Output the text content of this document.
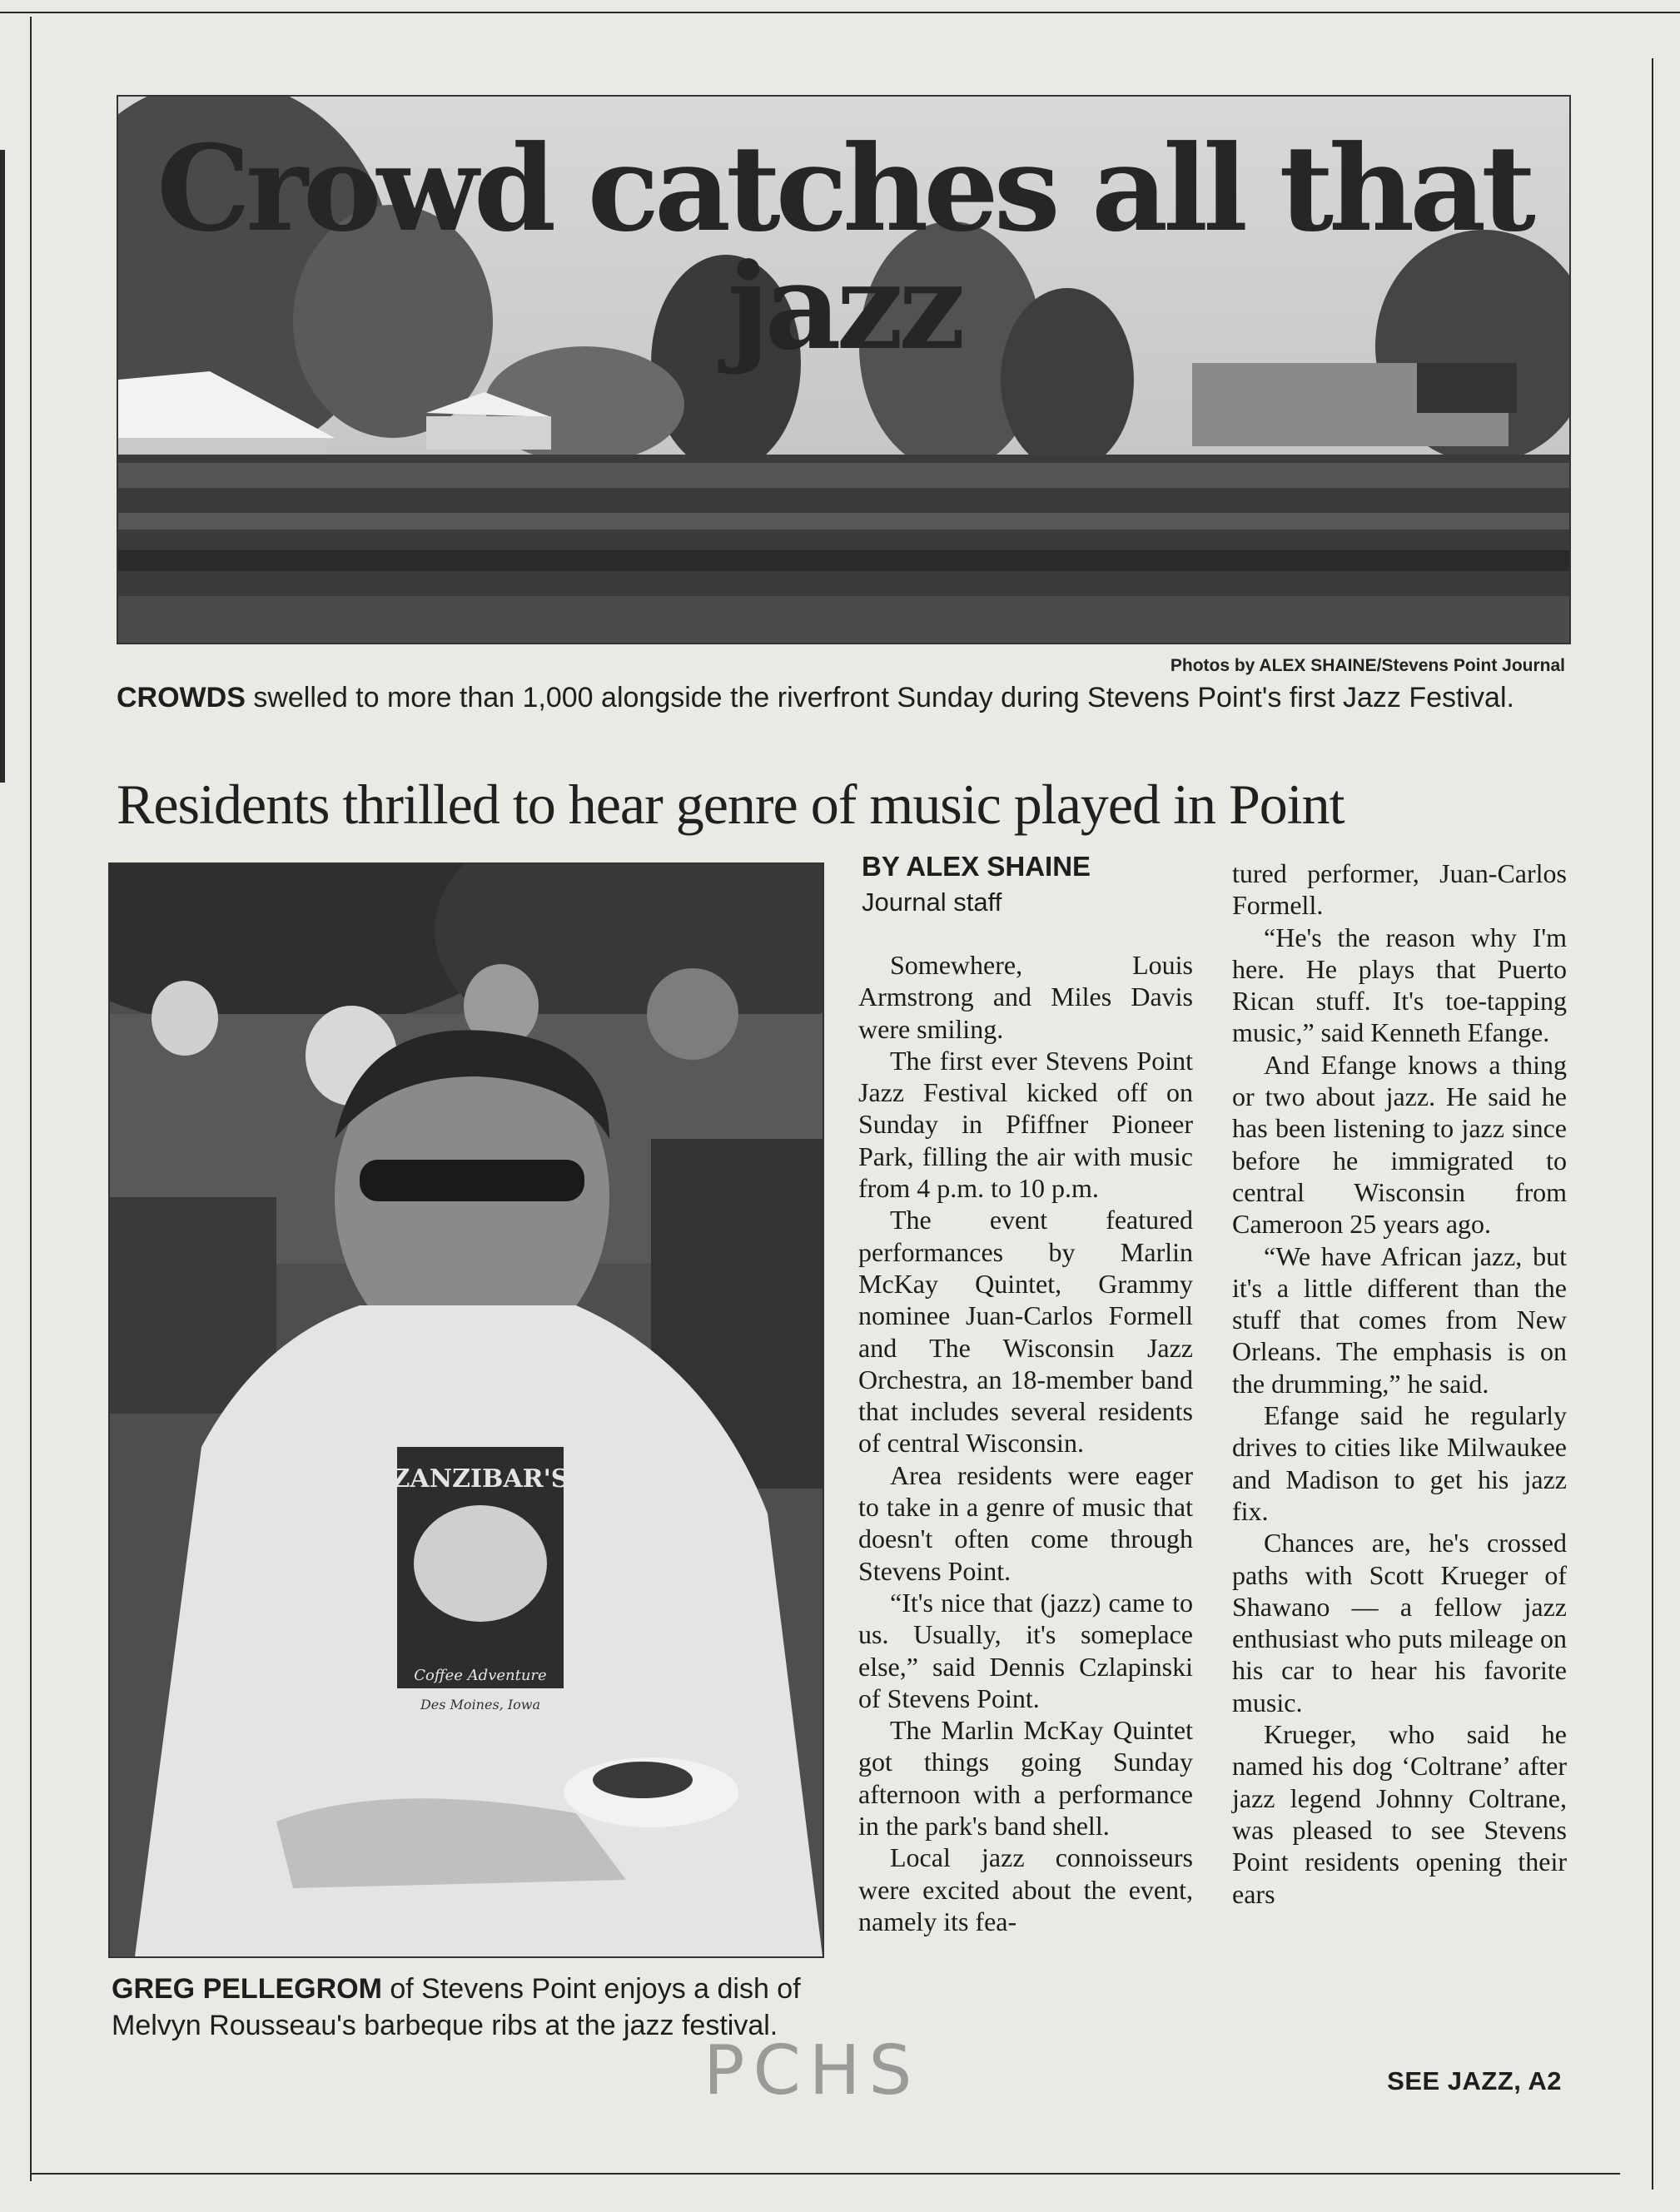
Crowd catches all that jazz
Photos by ALEX SHAINE/Stevens Point Journal
CROWDS swelled to more than 1,000 alongside the riverfront Sunday during Stevens Point's first Jazz Festival.
Residents thrilled to hear genre of music played in Point
ZANZIBAR'S
Coffee Adventure
Des Moines, Iowa
GREG PELLEGROM of Stevens Point enjoys a dish of Melvyn Rousseau's barbeque ribs at the jazz festival.
BY ALEX SHAINE
Journal staff

Somewhere, Louis Armstrong and Miles Davis were smiling.

The first ever Stevens Point Jazz Festival kicked off on Sunday in Pfiffner Pioneer Park, filling the air with music from 4 p.m. to 10 p.m.

The event featured performances by Marlin McKay Quintet, Grammy nominee Juan-Carlos Formell and The Wisconsin Jazz Orchestra, an 18-member band that includes several residents of central Wisconsin.

Area residents were eager to take in a genre of music that doesn't often come through Stevens Point.

“It's nice that (jazz) came to us. Usually, it's someplace else,” said Dennis Czlapinski of Stevens Point.

The Marlin McKay Quintet got things going Sunday afternoon with a performance in the park's band shell.

Local jazz connoisseurs were excited about the event, namely its fea-

tured performer, Juan-Carlos Formell.

“He's the reason why I'm here. He plays that Puerto Rican stuff. It's toe-tapping music,” said Kenneth Efange.

And Efange knows a thing or two about jazz. He said he has been listening to jazz since before he immigrated to central Wisconsin from Cameroon 25 years ago.

“We have African jazz, but it's a little different than the stuff that comes from New Orleans. The emphasis is on the drumming,” he said.

Efange said he regularly drives to cities like Milwaukee and Madison to get his jazz fix.

Chances are, he's crossed paths with Scott Krueger of Shawano — a fellow jazz enthusiast who puts mileage on his car to hear his favorite music.

Krueger, who said he named his dog ‘Coltrane’ after jazz legend Johnny Coltrane, was pleased to see Stevens Point residents opening their ears

SEE JAZZ, A2
PCHS
